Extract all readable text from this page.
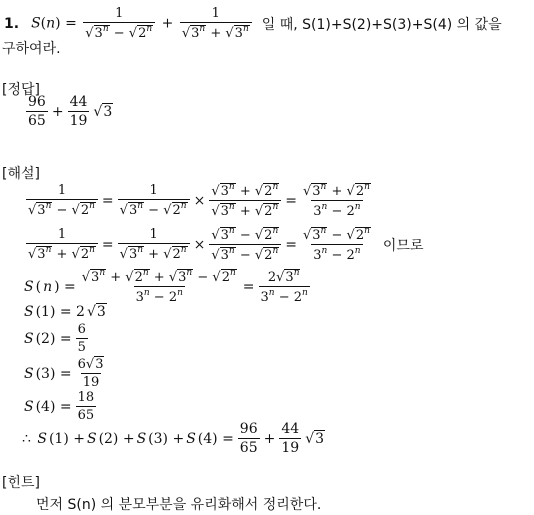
1. $S(n) = \frac{1}{√3^n - √2^n} + \frac{1}{√3^n + √3^n}$ 일 때, S(1)+S(2)+S(3)+S(4) 의 값을
구하여라.
[정답]
$\frac{96}{65} + \frac{44}{19} √3$
[해설]
$\frac{1}{√3^n - √2^n} = \frac{1}{√3^n - √2^n} \times \frac{√3^n + √2^n}{√3^n + √2^n} = \frac{√3^n + √2^n}{3^n - 2^n}$
$\frac{1}{√3^n + √2^n} = \frac{1}{√3^n + √2^n} \times \frac{√3^n - √2^n}{√3^n - √2^n} = \frac{√3^n - √2^n}{3^n - 2^n}$ 이므로
S ( n ) = $\frac{√3^n + √2^n + √3^n - √2^n}{3^n - 2^n} = \frac{2√3^n}{3^n - 2^n}$
S (1) = 2 √3
S $(2) = \frac{6}{5}$
S $(3) = \frac{6√3}{19}$
S $(4) = \frac{18}{65}$
∴ S (1) + S (2) + S (3) + S $(4) = \frac{96}{65} + \frac{44}{19} √3$
[힌트]
먼저 S(n) 의 분모부분을 유리화해서 정리한다.
